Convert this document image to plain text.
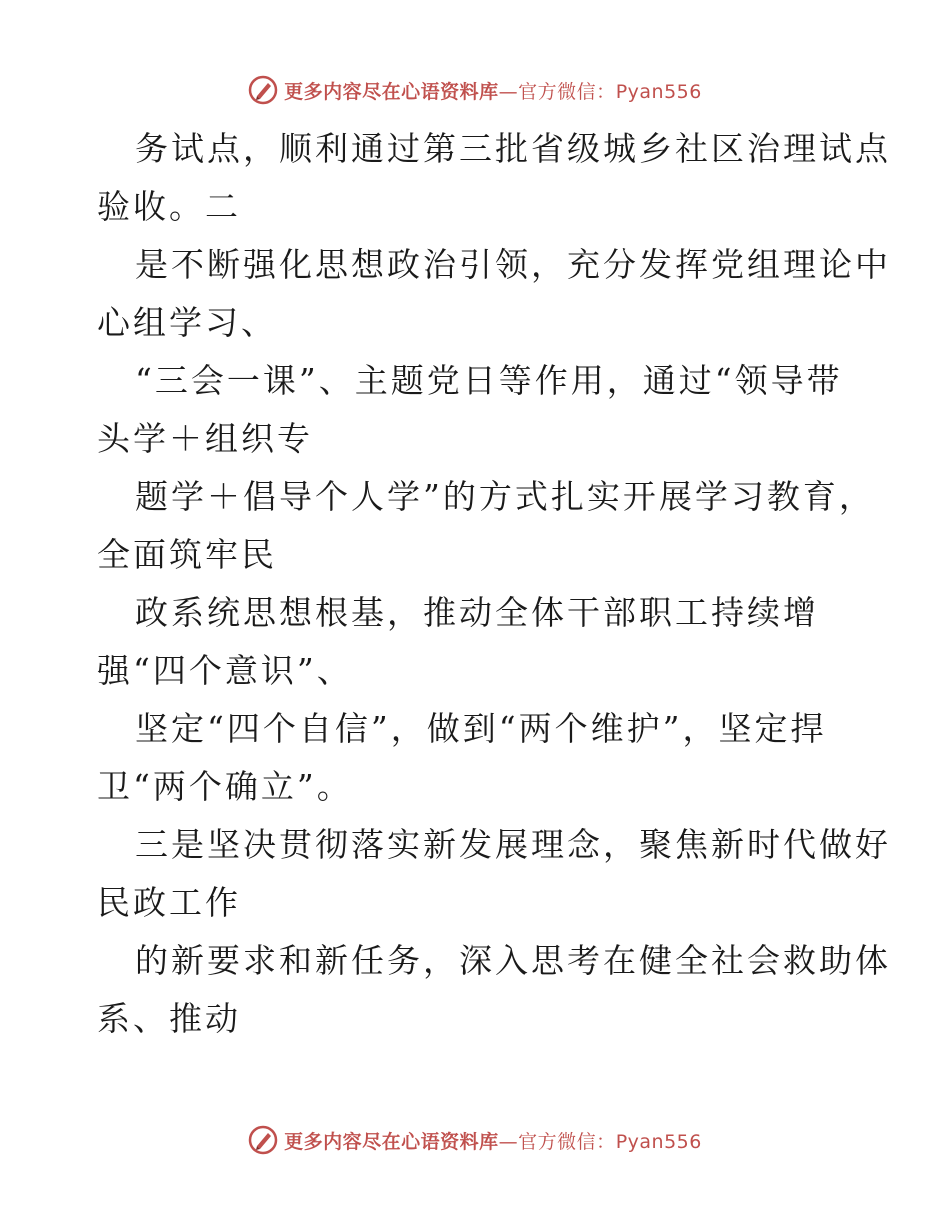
更多内容尽在心语资料库—官方微信：Pyan556
务试点，顺利通过第三批省级城乡社区治理试点
验收。二
是不断强化思想政治引领，充分发挥党组理论中
心组学习、
“三会一课”、主题党日等作用，通过“领导带
头学＋组织专
题学＋倡导个人学”的方式扎实开展学习教育，
全面筑牢民
政系统思想根基，推动全体干部职工持续增
强“四个意识”、
坚定“四个自信”，做到“两个维护”，坚定捍
卫“两个确立”。
三是坚决贯彻落实新发展理念，聚焦新时代做好
民政工作
的新要求和新任务，深入思考在健全社会救助体
系、推动
更多内容尽在心语资料库—官方微信：Pyan556
